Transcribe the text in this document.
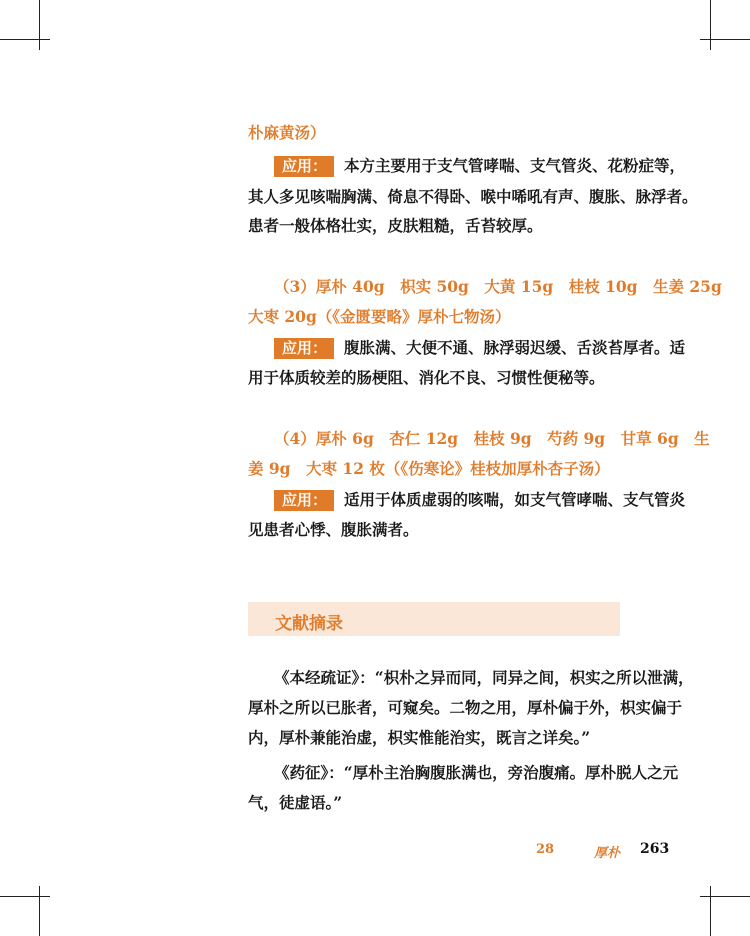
朴麻黄汤）
应用： 本方主要用于支气管哮喘、支气管炎、花粉症等，
其人多见咳喘胸满、倚息不得卧、喉中唏吼有声、腹胀、脉浮者。
患者一般体格壮实，皮肤粗糙，舌苔较厚。
（3）厚朴 40g　枳实 50g　大黄 15g　桂枝 10g　生姜 25g
大枣 20g（《金匮要略》厚朴七物汤）
应用： 腹胀满、大便不通、脉浮弱迟缓、舌淡苔厚者。适
用于体质较差的肠梗阻、消化不良、习惯性便秘等。
（4）厚朴 6g　杏仁 12g　桂枝 9g　芍药 9g　甘草 6g　生
姜 9g　大枣 12 枚（《伤寒论》桂枝加厚朴杏子汤）
应用： 适用于体质虚弱的咳喘，如支气管哮喘、支气管炎
见患者心悸、腹胀满者。
《本经疏证》：“枳朴之异而同，同异之间，枳实之所以泄满，
厚朴之所以已胀者，可窥矣。二物之用，厚朴偏于外，枳实偏于
内，厚朴兼能治虚，枳实惟能治实，既言之详矣。”
《药征》：“厚朴主治胸腹胀满也，旁治腹痛。厚朴脱人之元
气，徒虚语。”
文献摘录
28	厚朴 263
